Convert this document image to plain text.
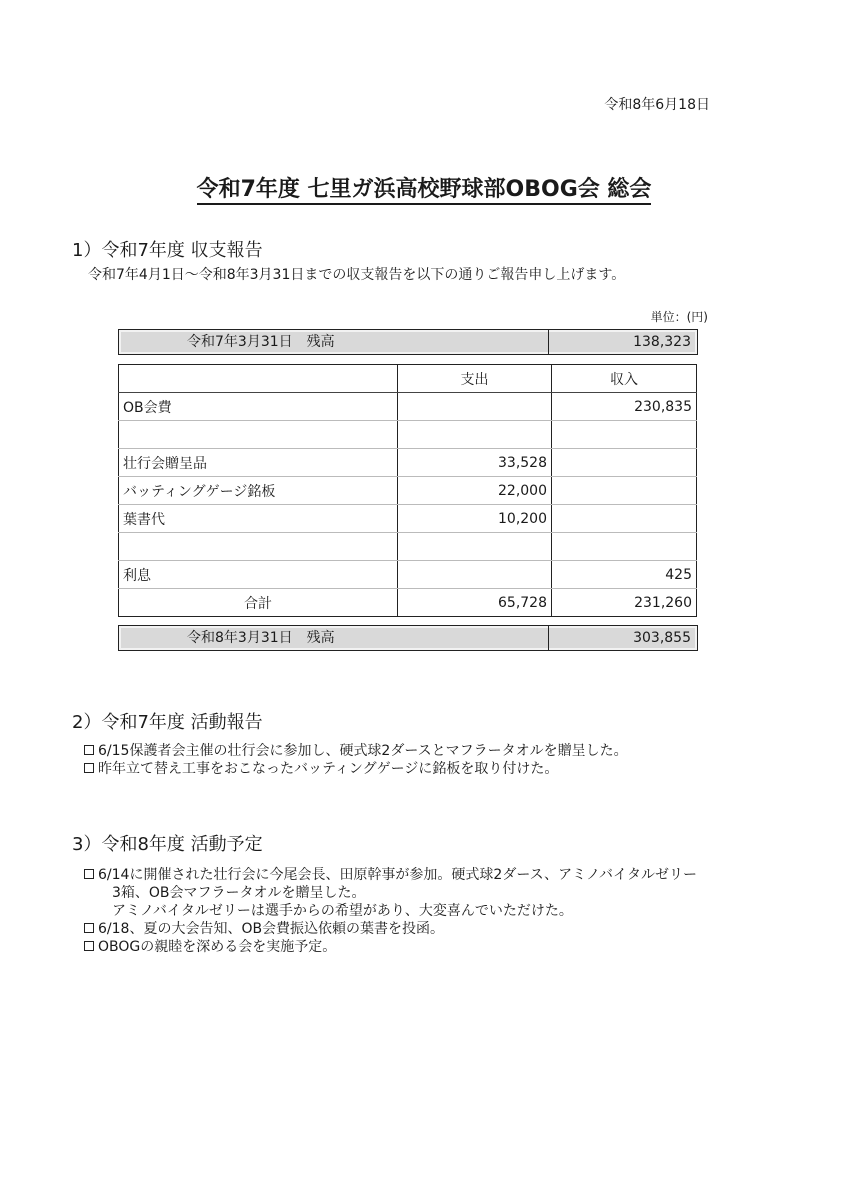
令和8年6月18日
令和7年度 七里ガ浜高校野球部OBOG会 総会
1）令和7年度 収支報告
令和7年4月1日～令和8年3月31日までの収支報告を以下の通りご報告申し上げます。
単位：(円)
令和7年3月31日　残高	138,323
	支出	収入
OB会費		230,835

壮行会贈呈品	33,528	
バッティングゲージ銘板	22,000	
葉書代	10,200	

利息		425
合計	65,728	231,260
令和8年3月31日　残高	303,855
2）令和7年度 活動報告
6/15保護者会主催の壮行会に参加し、硬式球2ダースとマフラータオルを贈呈した。
昨年立て替え工事をおこなったバッティングゲージに銘板を取り付けた。
3）令和8年度 活動予定
6/14に開催された壮行会に今尾会長、田原幹事が参加。硬式球2ダース、アミノバイタルゼリー
3箱、OB会マフラータオルを贈呈した。
アミノバイタルゼリーは選手からの希望があり、大変喜んでいただけた。
6/18、夏の大会告知、OB会費振込依頼の葉書を投函。
OBOGの親睦を深める会を実施予定。
